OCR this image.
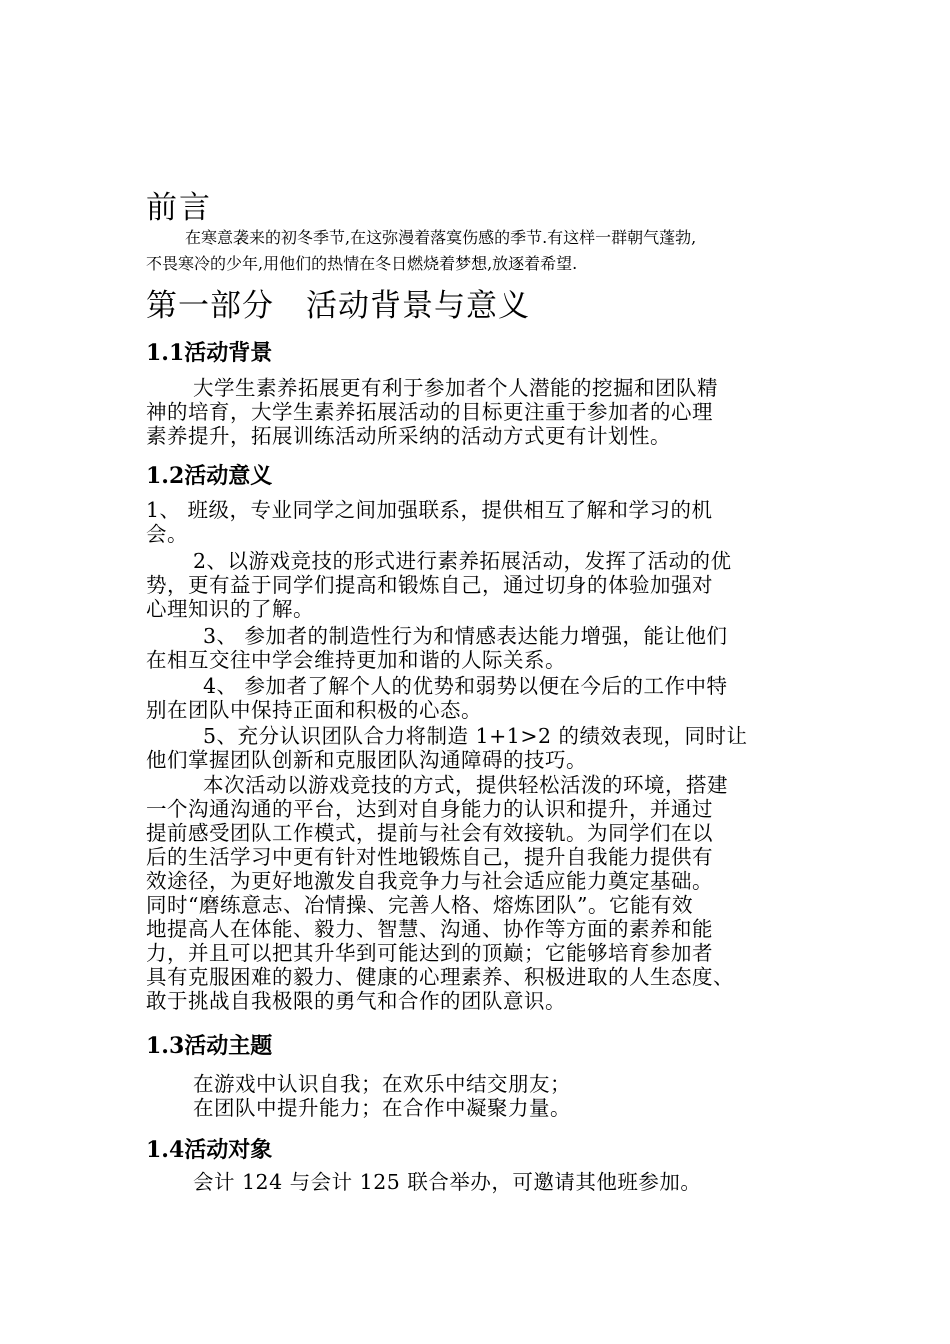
前言

在寒意袭来的初冬季节,在这弥漫着落寞伤感的季节.有这样一群朝气蓬勃,

不畏寒冷的少年,用他们的热情在冬日燃烧着梦想,放逐着希望.

第一部分　活动背景与意义
1.1活动背景

大学生素养拓展更有利于参加者个人潜能的挖掘和团队精

神的培育，大学生素养拓展活动的目标更注重于参加者的心理

素养提升，拓展训练活动所采纳的活动方式更有计划性。

1.2活动意义

1、 班级，专业同学之间加强联系，提供相互了解和学习的机

会。

2、以游戏竞技的形式进行素养拓展活动，发挥了活动的优

势，更有益于同学们提高和锻炼自己，通过切身的体验加强对

心理知识的了解。

3、 参加者的制造性行为和情感表达能力增强，能让他们

在相互交往中学会维持更加和谐的人际关系。

4、 参加者了解个人的优势和弱势以便在今后的工作中特

别在团队中保持正面和积极的心态。

5、充分认识团队合力将制造 1+1>2 的绩效表现，同时让

他们掌握团队创新和克服团队沟通障碍的技巧。

本次活动以游戏竞技的方式，提供轻松活泼的环境，搭建

一个沟通沟通的平台，达到对自身能力的认识和提升，并通过

提前感受团队工作模式，提前与社会有效接轨。为同学们在以

后的生活学习中更有针对性地锻炼自己，提升自我能力提供有

效途径，为更好地激发自我竞争力与社会适应能力奠定基础。

同时“磨练意志、冶情操、完善人格、熔炼团队”。它能有效

地提高人在体能、毅力、智慧、沟通、协作等方面的素养和能

力，并且可以把其升华到可能达到的顶巅；它能够培育参加者

具有克服困难的毅力、健康的心理素养、积极进取的人生态度、

敢于挑战自我极限的勇气和合作的团队意识。

1.3活动主题

在游戏中认识自我；在欢乐中结交朋友；

在团队中提升能力；在合作中凝聚力量。

1.4活动对象

会计 124 与会计 125 联合举办，可邀请其他班参加。
